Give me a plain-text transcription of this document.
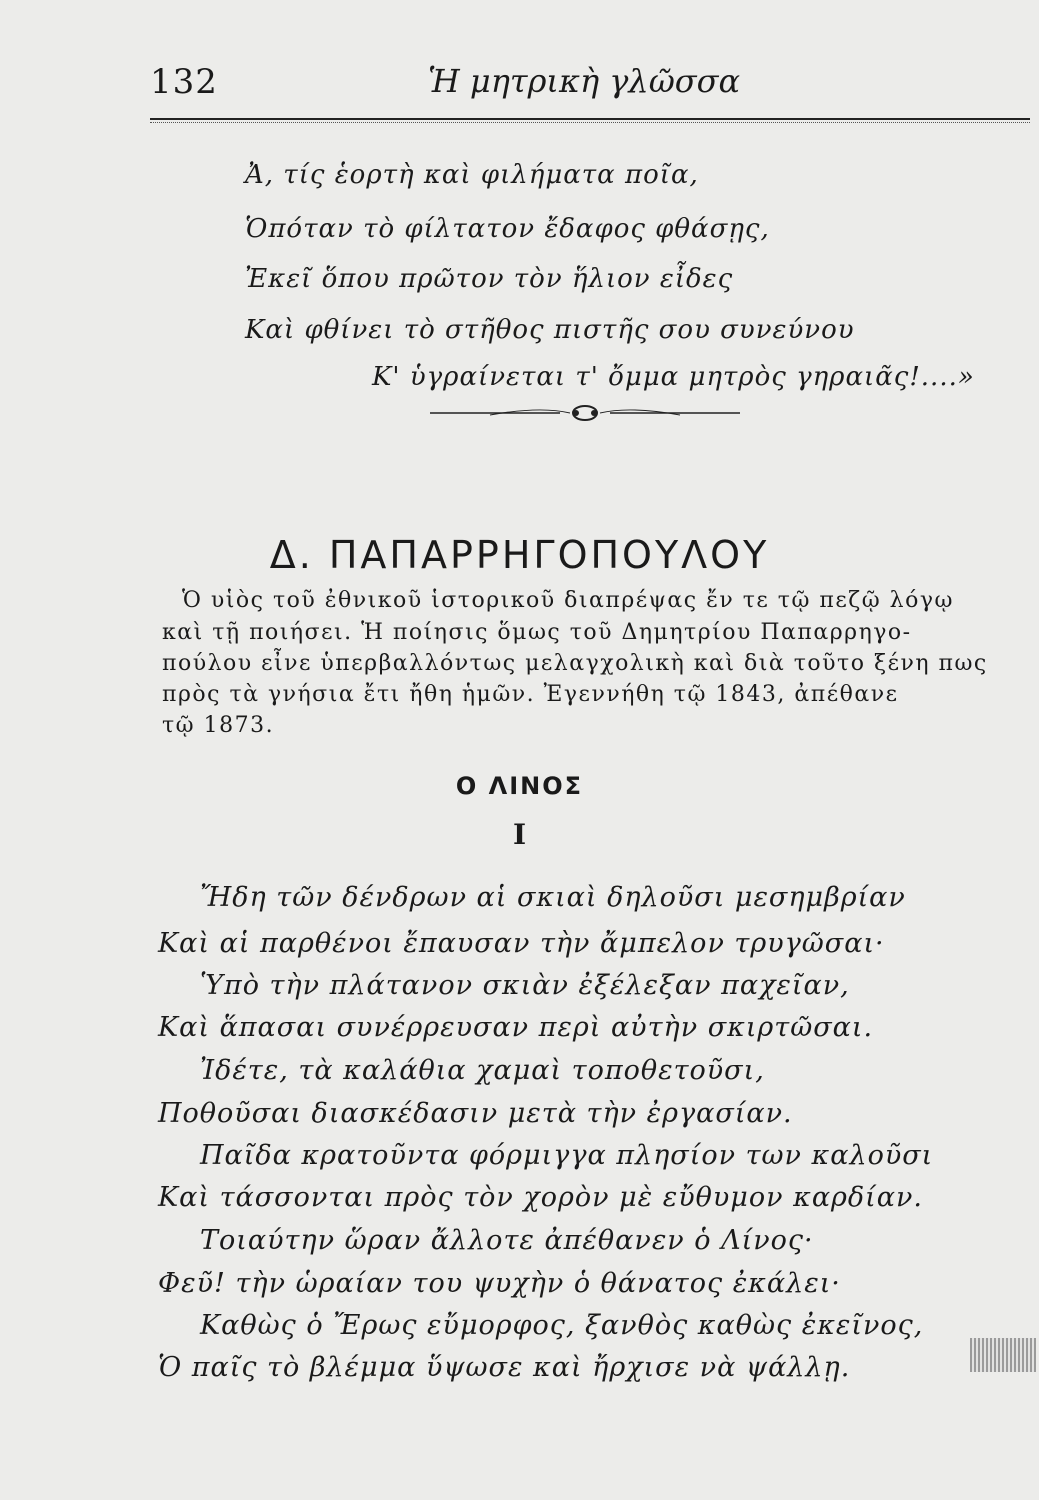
132	Ἡ μητρικὴ γλῶσσα
Ἀ, τίς ἑορτὴ καὶ φιλήματα ποῖα,
Ὁπόταν τὸ φίλτατον ἔδαφος φθάσῃς,
Ἐκεῖ ὅπου πρῶτον τὸν ἥλιον εἶδες
Καὶ φθίνει τὸ στῆθος πιστῆς σου συνεύνου
Κ' ὑγραίνεται τ' ὄμμα μητρὸς γηραιᾶς!....»
Δ. ΠΑΠΑΡΡΗΓΟΠΟΥΛΟΥ
Ὁ υἱὸς τοῦ ἐθνικοῦ ἱστορικοῦ διαπρέψας ἔν τε τῷ πεζῷ λόγῳ
καὶ τῇ ποιήσει. Ἡ ποίησις ὅμως τοῦ Δημητρίου Παπαρρηγο-
πούλου εἶνε ὑπερβαλλόντως μελαγχολικὴ καὶ διὰ τοῦτο ξένη πως
πρὸς τὰ γνήσια ἔτι ἤθη ἡμῶν. Ἐγεννήθη τῷ 1843, ἀπέθανε
τῷ 1873.
Ο ΛΙΝΟΣ
I
Ἤδη τῶν δένδρων αἱ σκιαὶ δηλοῦσι μεσημβρίαν
Καὶ αἱ παρθένοι ἔπαυσαν τὴν ἄμπελον τρυγῶσαι·
Ὑπὸ τὴν πλάτανον σκιὰν ἐξέλεξαν παχεῖαν,
Καὶ ἅπασαι συνέρρευσαν περὶ αὐτὴν σκιρτῶσαι.
Ἰδέτε, τὰ καλάθια χαμαὶ τοποθετοῦσι,
Ποθοῦσαι διασκέδασιν μετὰ τὴν ἐργασίαν.
Παῖδα κρατοῦντα φόρμιγγα πλησίον των καλοῦσι
Καὶ τάσσονται πρὸς τὸν χορὸν μὲ εὔθυμον καρδίαν.
Τοιαύτην ὥραν ἄλλοτε ἀπέθανεν ὁ Λίνος·
Φεῦ! τὴν ὡραίαν του ψυχὴν ὁ θάνατος ἐκάλει·
Καθὼς ὁ Ἔρως εὔμορφος, ξανθὸς καθὼς ἐκεῖνος,
Ὁ παῖς τὸ βλέμμα ὕψωσε καὶ ἤρχισε νὰ ψάλλῃ.
